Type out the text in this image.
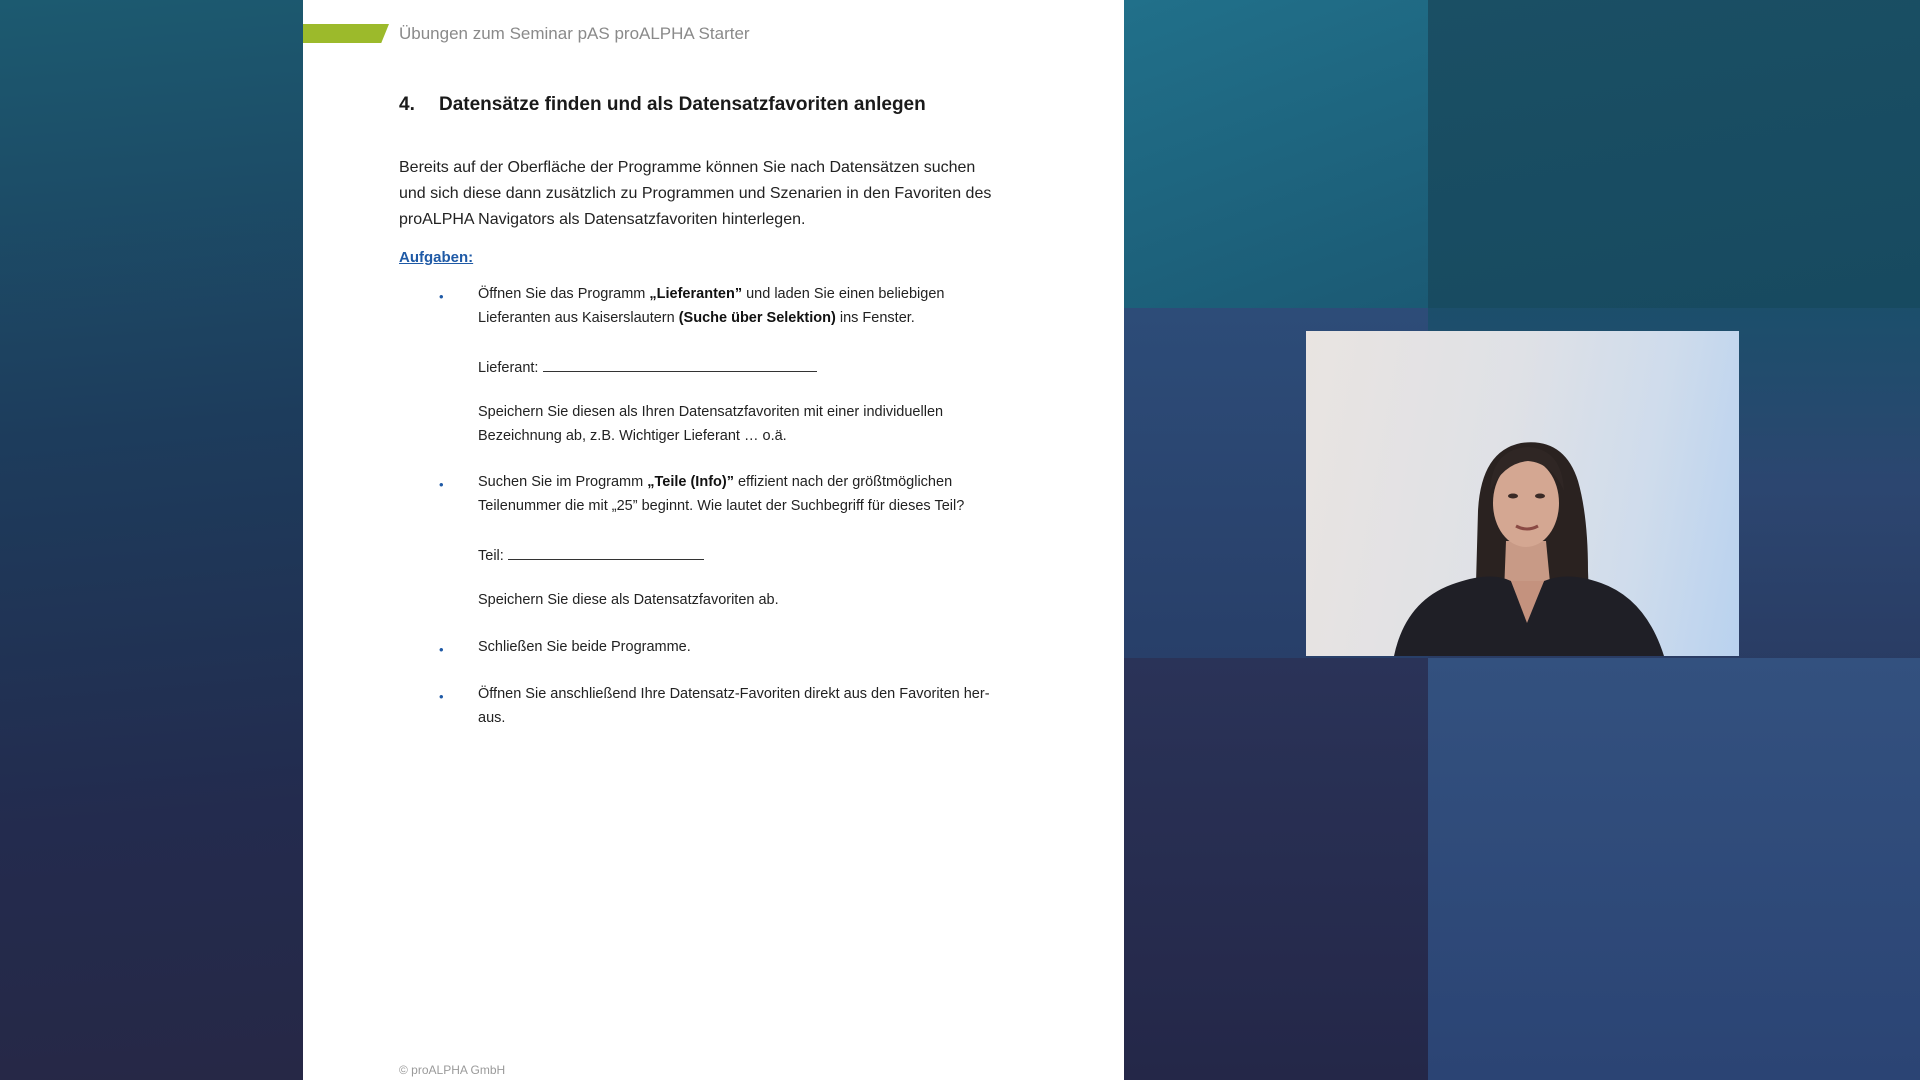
Übungen zum Seminar pAS proALPHA Starter
4. Datensätze finden und als Datensatzfavoriten anlegen
Bereits auf der Oberfläche der Programme können Sie nach Datensätzen suchen
und sich diese dann zusätzlich zu Programmen und Szenarien in den Favoriten des
proALPHA Navigators als Datensatzfavoriten hinterlegen.
Aufgaben:
• Öffnen Sie das Programm „Lieferanten” und laden Sie einen beliebigen
Lieferanten aus Kaiserslautern (Suche über Selektion) ins Fenster.
Lieferant:
Speichern Sie diesen als Ihren Datensatzfavoriten mit einer individuellen
Bezeichnung ab, z.B. Wichtiger Lieferant … o.ä.
• Suchen Sie im Programm „Teile (Info)” effizient nach der größtmöglichen
Teilenummer die mit „25” beginnt. Wie lautet der Suchbegriff für dieses Teil?
Teil:
Speichern Sie diese als Datensatzfavoriten ab.
• Schließen Sie beide Programme.
• Öffnen Sie anschließend Ihre Datensatz-Favoriten direkt aus den Favoriten her-
aus.
© proALPHA GmbH
